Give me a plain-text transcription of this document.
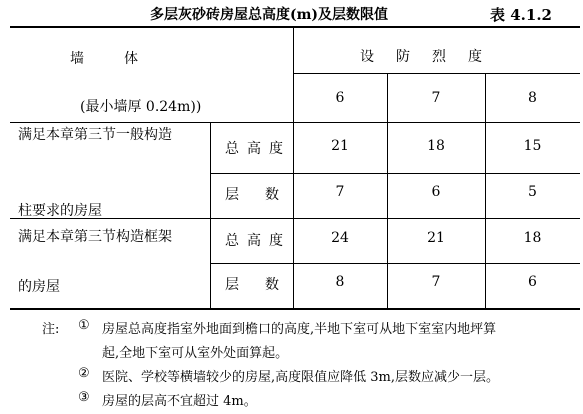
多层灰砂砖房屋总高度(m)及层数限值	表 4.1.2
墙体
(最小墙厚 0.24m))
设防烈度
6	7	8
满足本章第三节一般构造
柱要求的房屋
总高度	21	18	15
层数	7	6	5
满足本章第三节构造框架
的房屋
总高度	24	21	18
层数	8	7	6
注: ① 房屋总高度指室外地面到檐口的高度,半地下室可从地下室室内地坪算
起,全地下室可从室外处面算起。
② 医院、学校等横墙较少的房屋,高度限值应降低 3m,层数应减少一层。
③ 房屋的层高不宜超过 4m。
